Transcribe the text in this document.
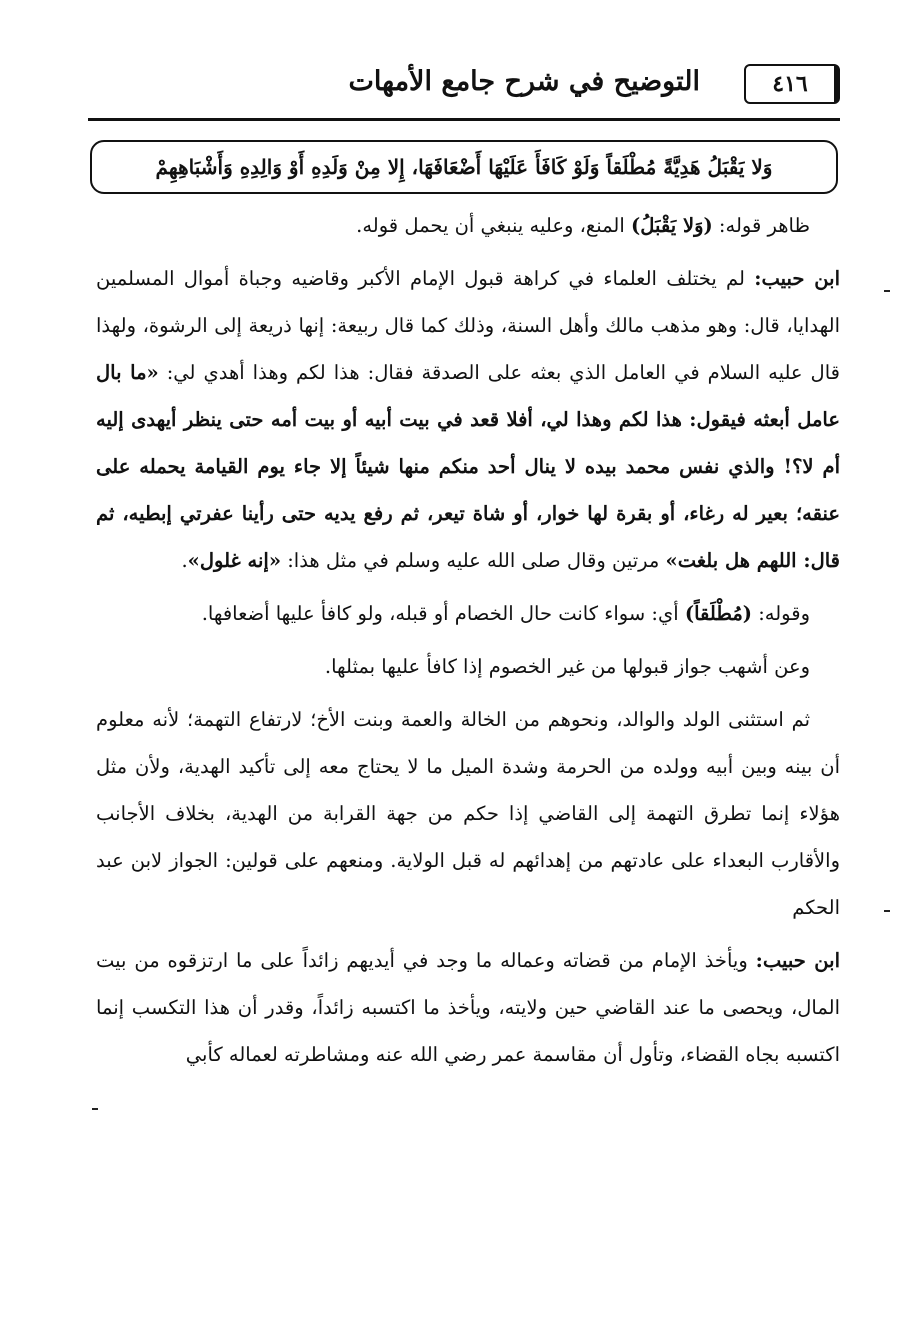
٤١٦
التوضيح في شرح جامع الأمهات
وَلا يَقْبَلُ هَدِيَّةً مُطْلَقاً وَلَوْ كَافَأَ عَلَيْهَا أَضْعَافَهَا، إِلا مِنْ وَلَدِهِ أَوْ وَالِدِهِ وَأَشْبَاهِهِمْ

ظاهر قوله: (وَلا يَقْبَلُ) المنع، وعليه ينبغي أن يحمل قوله.

ابن حبيب: لم يختلف العلماء في كراهة قبول الإمام الأكبر وقاضيه وجباة أموال المسلمين الهدايا، قال: وهو مذهب مالك وأهل السنة، وذلك كما قال ربيعة: إنها ذريعة إلى الرشوة، ولهذا قال عليه السلام في العامل الذي بعثه على الصدقة فقال: هذا لكم وهذا أهدي لي: «ما بال عامل أبعثه فيقول: هذا لكم وهذا لي، أفلا قعد في بيت أبيه أو بيت أمه حتى ينظر أيهدى إليه أم لا؟! والذي نفس محمد بيده لا ينال أحد منكم منها شيئاً إلا جاء يوم القيامة يحمله على عنقه؛ بعير له رغاء، أو بقرة لها خوار، أو شاة تيعر، ثم رفع يديه حتى رأينا عفرتي إبطيه، ثم قال: اللهم هل بلغت» مرتين وقال صلى الله عليه وسلم في مثل هذا: «إنه غلول».

وقوله: (مُطْلَقاً) أي: سواء كانت حال الخصام أو قبله، ولو كافأ عليها أضعافها.

وعن أشهب جواز قبولها من غير الخصوم إذا كافأ عليها بمثلها.

ثم استثنى الولد والوالد، ونحوهم من الخالة والعمة وبنت الأخ؛ لارتفاع التهمة؛ لأنه معلوم أن بينه وبين أبيه وولده من الحرمة وشدة الميل ما لا يحتاج معه إلى تأكيد الهدية، ولأن مثل هؤلاء إنما تطرق التهمة إلى القاضي إذا حكم من جهة القرابة من الهدية، بخلاف الأجانب والأقارب البعداء على عادتهم من إهدائهم له قبل الولاية. ومنعهم على قولين: الجواز لابن عبد الحكم

ابن حبيب: ويأخذ الإمام من قضاته وعماله ما وجد في أيديهم زائداً على ما ارتزقوه من بيت المال، ويحصى ما عند القاضي حين ولايته، ويأخذ ما اكتسبه زائداً، وقدر أن هذا التكسب إنما اكتسبه بجاه القضاء، وتأول أن مقاسمة عمر رضي الله عنه ومشاطرته لعماله كأبي
